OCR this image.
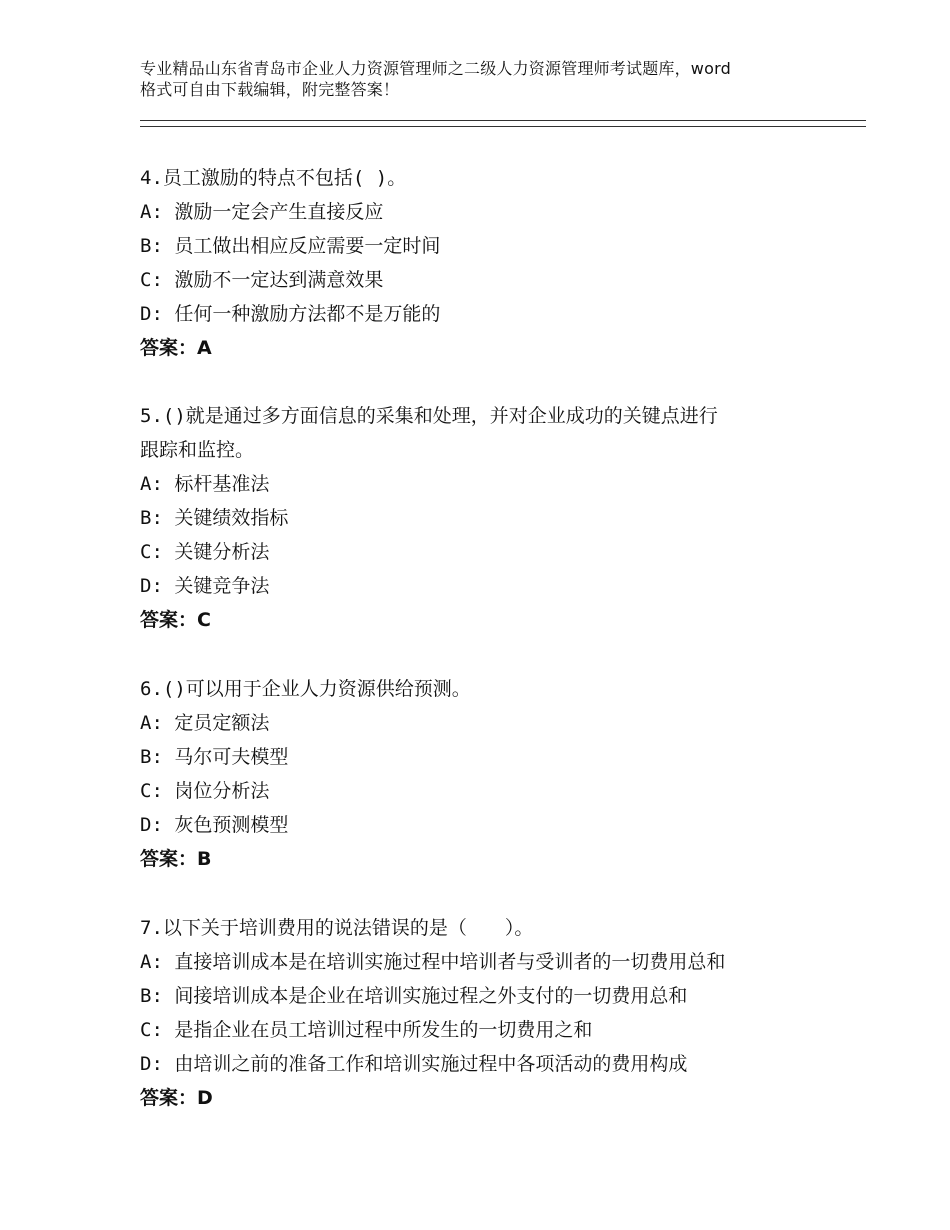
专业精品山东省青岛市企业人力资源管理师之二级人力资源管理师考试题库，word
格式可自由下载编辑，附完整答案！
4.员工激励的特点不包括( )。
A: 激励一定会产生直接反应
B: 员工做出相应反应需要一定时间
C: 激励不一定达到满意效果
D: 任何一种激励方法都不是万能的
答案：A
5.()就是通过多方面信息的采集和处理，并对企业成功的关键点进行
跟踪和监控。
A: 标杆基准法
B: 关键绩效指标
C: 关键分析法
D: 关键竞争法
答案：C
6.()可以用于企业人力资源供给预测。
A: 定员定额法
B: 马尔可夫模型
C: 岗位分析法
D: 灰色预测模型
答案：B
7.以下关于培训费用的说法错误的是（　　）。
A: 直接培训成本是在培训实施过程中培训者与受训者的一切费用总和
B: 间接培训成本是企业在培训实施过程之外支付的一切费用总和
C: 是指企业在员工培训过程中所发生的一切费用之和
D: 由培训之前的准备工作和培训实施过程中各项活动的费用构成
答案：D
